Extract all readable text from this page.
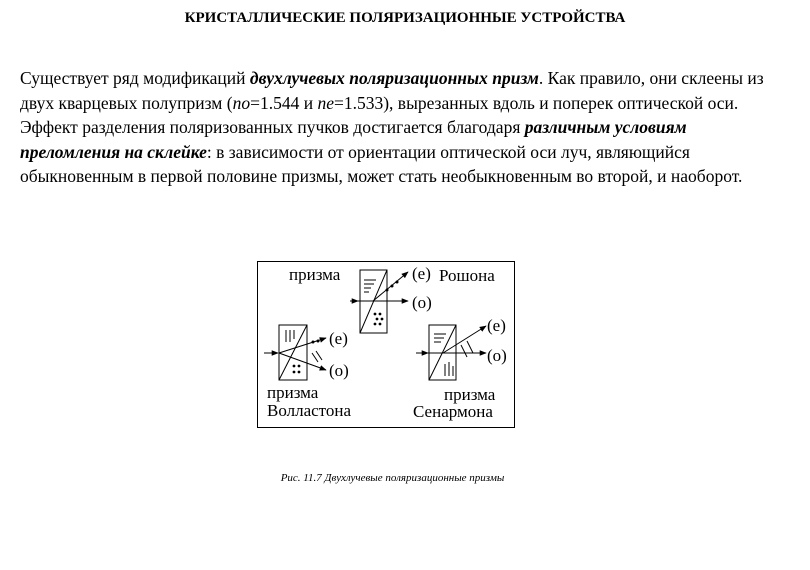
КРИСТАЛЛИЧЕСКИЕ ПОЛЯРИЗАЦИОННЫЕ УСТРОЙСТВА
Существует ряд модификаций двухлучевых поляризационных призм. Как правило, они склеены из двух кварцевых полупризм (no=1.544 и ne=1.533), вырезанных вдоль и поперек оптической оси. Эффект разделения поляризованных пучков достигается благодаря различным условиям преломления на склейке: в зависимости от ориентации оптической оси луч, являющийся обыкновенным в первой половине призмы, может стать необыкновенным во второй, и наоборот.
призма	(e) Рошона
(o)
(e)
(o)
призма
Волластона
(e)
(o)
призма
Сенармона
Рис. 11.7 Двухлучевые поляризационные призмы
